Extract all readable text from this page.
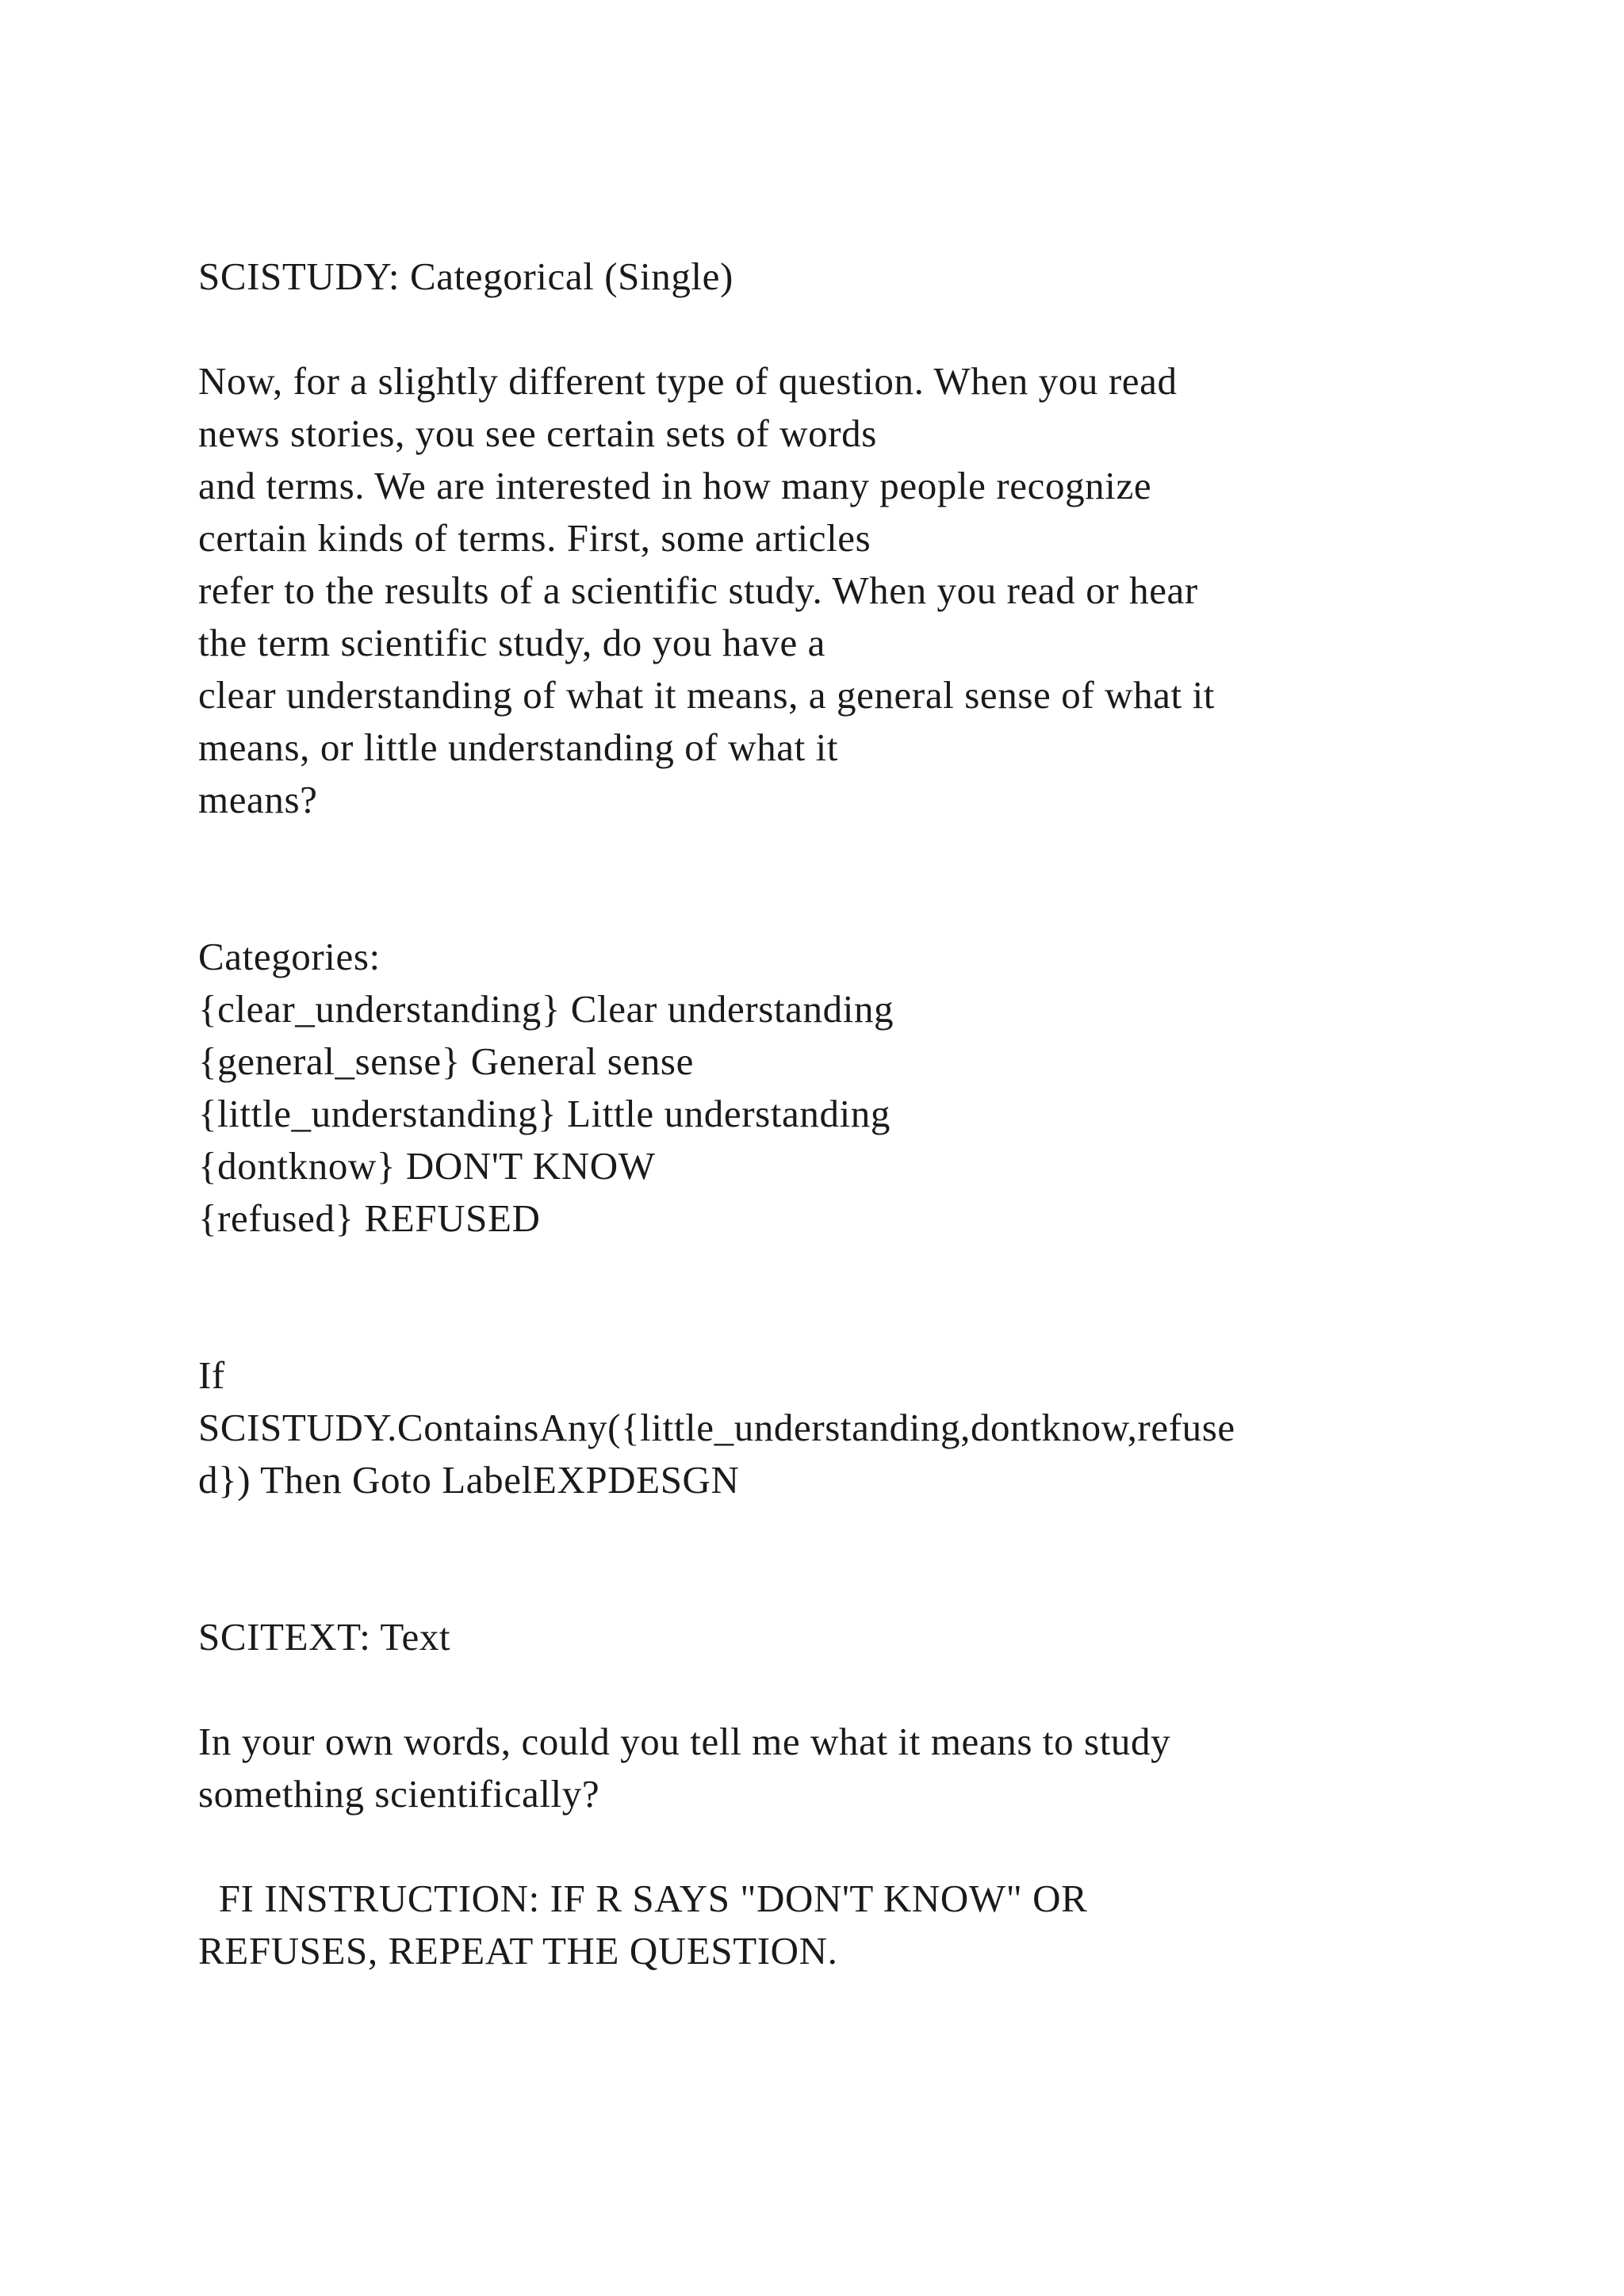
SCISTUDY: Categorical (Single)

Now, for a slightly different type of question. When you read

news stories, you see certain sets of words

and terms. We are interested in how many people recognize

certain kinds of terms. First, some articles

refer to the results of a scientific study. When you read or hear

the term scientific study, do you have a

clear understanding of what it means, a general sense of what it

means, or little understanding of what it

means?

Categories:

{clear_understanding} Clear understanding

{general_sense} General sense

{little_understanding} Little understanding

{dontknow} DON'T KNOW

{refused} REFUSED

If

SCISTUDY.ContainsAny({little_understanding,dontknow,refuse

d}) Then Goto LabelEXPDESGN

SCITEXT: Text

In your own words, could you tell me what it means to study

something scientifically?

FI INSTRUCTION: IF R SAYS "DON'T KNOW" OR

REFUSES, REPEAT THE QUESTION.
